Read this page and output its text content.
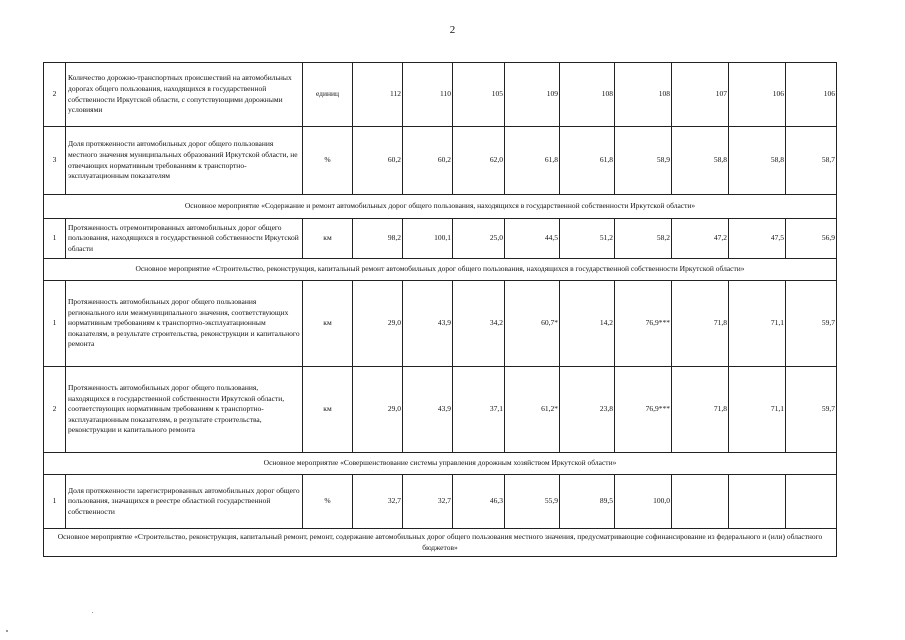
2
2	Количество дорожно-транспортных происшествий на автомобильных дорогах общего пользования, находящихся в государственной собственности Иркутской области, с сопутствующими дорожными условиями	единиц	112	110	105	109	108	108	107	106	106
3	Доля протяженности автомобильных дорог общего пользования местного значения муниципальных образований Иркутской области, не отвечающих нормативным требованиям к транспортно-эксплуатационным показателям	%	60,2	60,2	62,0	61,8	61,8	58,9	58,8	58,8	58,7
Основное мероприятие «Содержание и ремонт автомобильных дорог общего пользования, находящихся в государственной собственности Иркутской области»											
1	Протяженность отремонтированных автомобильных дорог общего пользования, находящихся в государственной собственности Иркутской области	км	98,2	100,1	25,0	44,5	51,2	58,2	47,2	47,5	56,9
Основное мероприятие «Строительство, реконструкция, капитальный ремонт автомобильных дорог общего пользования, находящихся в государственной собственности Иркутской области»											
1	Протяженность автомобильных дорог общего пользования регионального или межмуниципального значения, соответствующих нормативным требованиям к транспортно-эксплуатационным показателям, в результате строительства, реконструкции и капитального ремонта	км	29,0	43,9	34,2	60,7*	14,2	76,9***	71,8	71,1	59,7
2	Протяженность автомобильных дорог общего пользования, находящихся в государственной собственности Иркутской области, соответствующих нормативным требованиям к транспортно-эксплуатационным показателям, в результате строительства, реконструкции и капитального ремонта	км	29,0	43,9	37,1	61,2*	23,8	76,9***	71,8	71,1	59,7
Основное мероприятие «Совершенствование системы управления дорожным хозяйством Иркутской области»											
1	Доля протяженности зарегистрированных автомобильных дорог общего пользования, значащихся в реестре областной государственной собственности	%	32,7	32,7	46,3	55,9	89,5	100,0			
Основное мероприятие «Строительство, реконструкция, капитальный ремонт, ремонт, содержание автомобильных дорог общего пользования местного значения, предусматривающие софинансирование из федерального и (или) областного бюджетов»											
